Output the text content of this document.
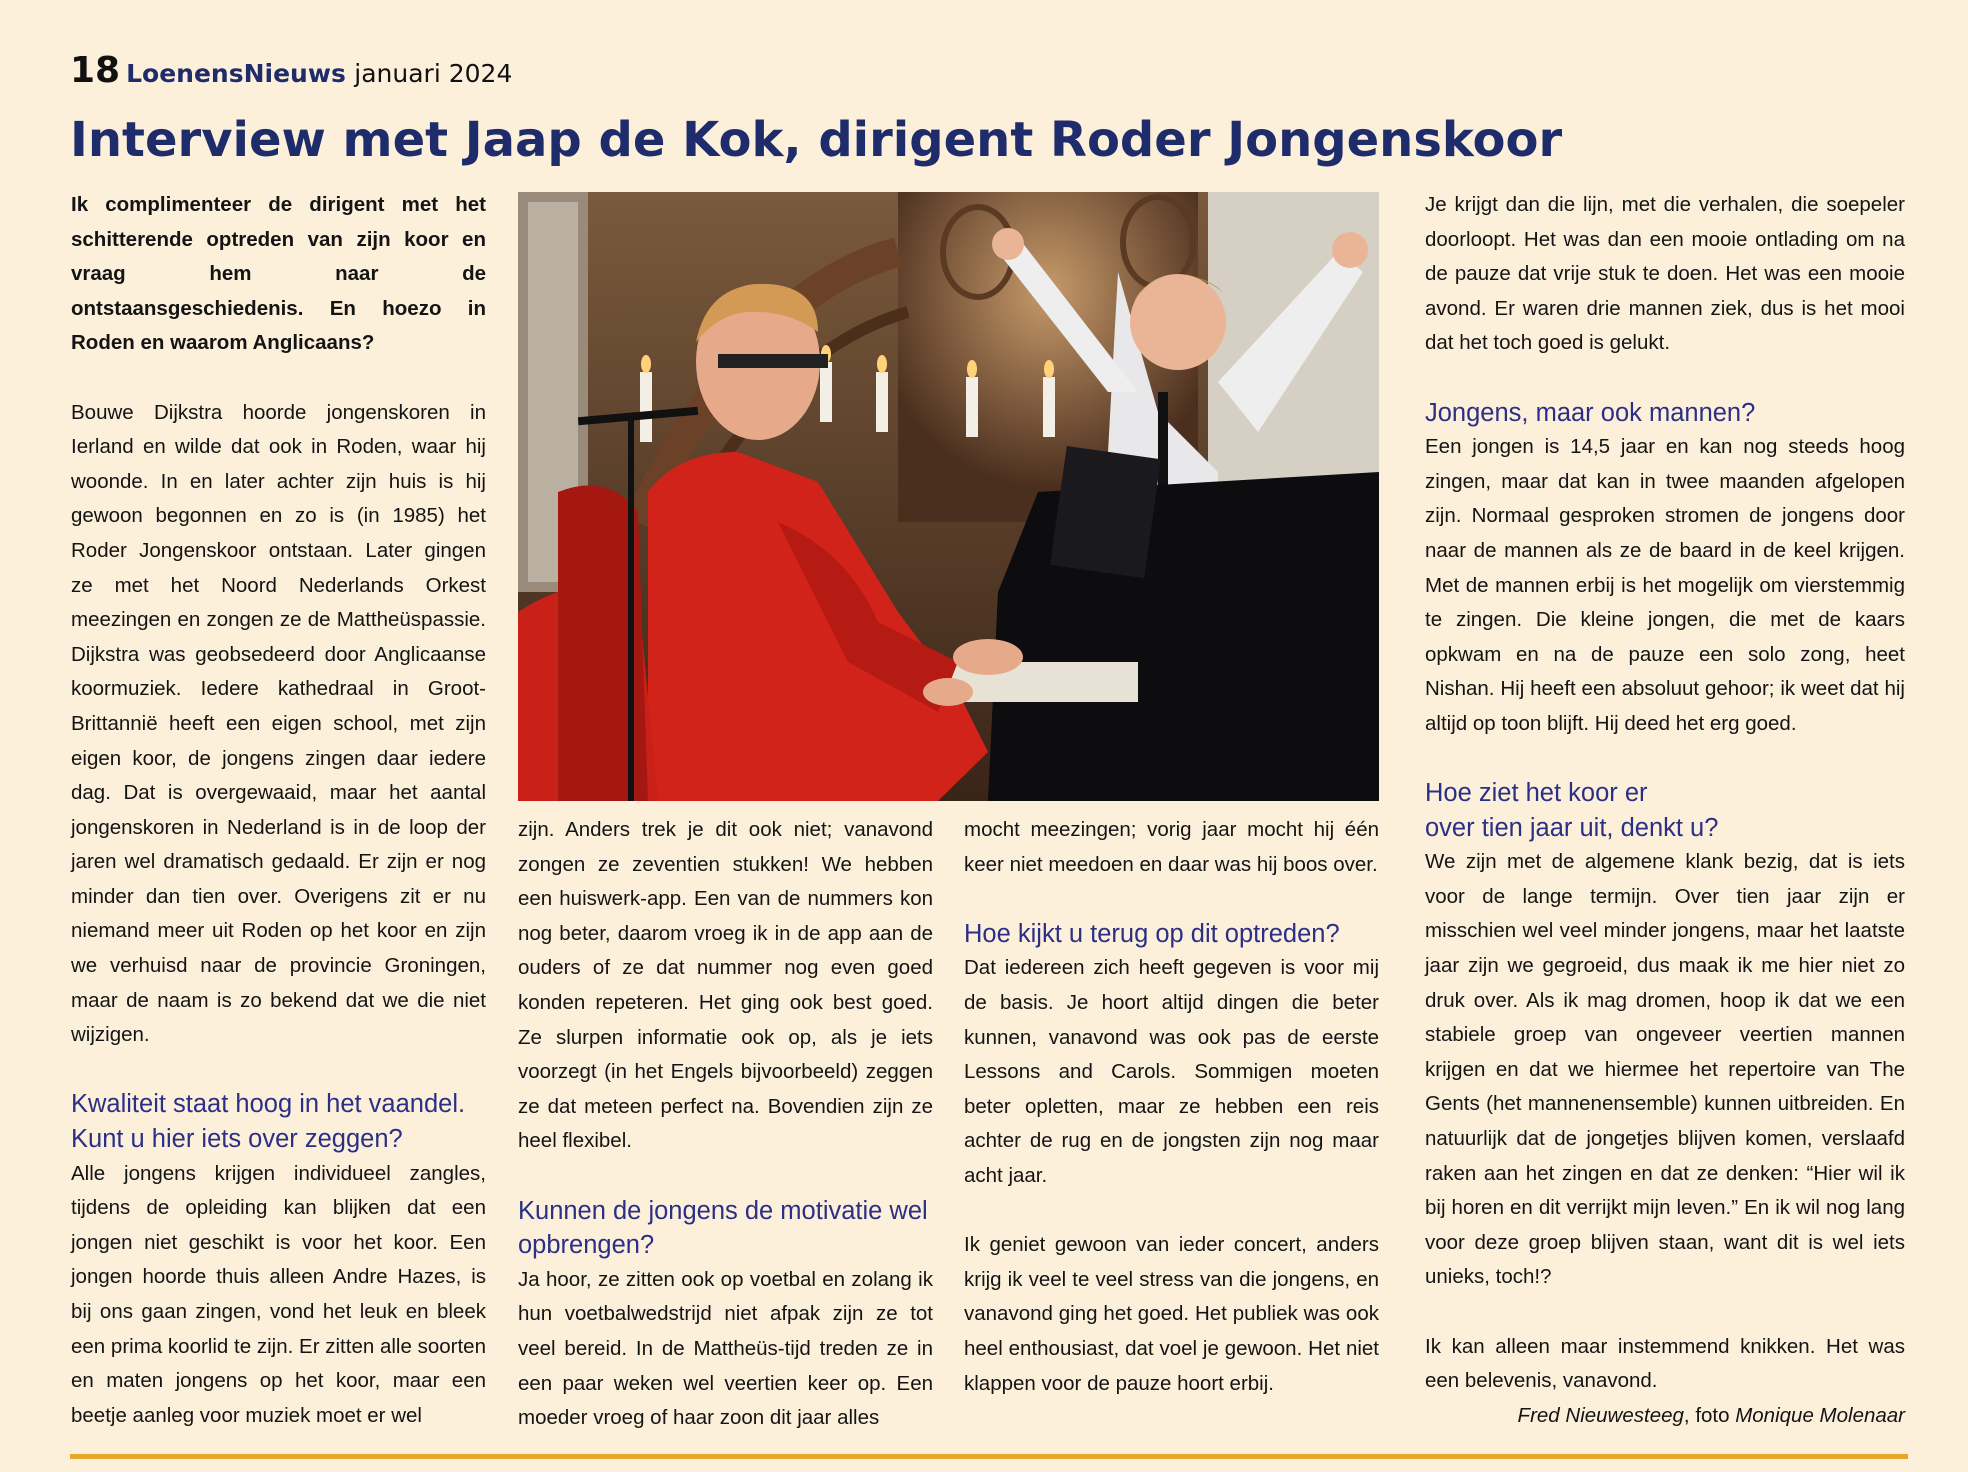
18 LoenensNieuws januari 2024
Interview met Jaap de Kok, dirigent Roder Jongenskoor

Ik complimenteer de dirigent met het schitterende optreden van zijn koor en vraag hem naar de ontstaansgeschiedenis. En hoezo in Roden en waarom Anglicaans?

Bouwe Dijkstra hoorde jongenskoren in Ierland en wilde dat ook in Roden, waar hij woonde. In en later achter zijn huis is hij gewoon begonnen en zo is (in 1985) het Roder Jongenskoor ontstaan. Later gingen ze met het Noord Nederlands Orkest meezingen en zongen ze de Mattheüspassie. Dijkstra was geobsedeerd door Anglicaanse koormuziek. Iedere kathedraal in Groot-Brittannië heeft een eigen school, met zijn eigen koor, de jongens zingen daar iedere dag. Dat is overgewaaid, maar het aantal jongenskoren in Nederland is in de loop der jaren wel dramatisch gedaald. Er zijn er nog minder dan tien over. Overigens zit er nu niemand meer uit Roden op het koor en zijn we verhuisd naar de provincie Groningen, maar de naam is zo bekend dat we die niet wijzigen.

Kwaliteit staat hoog in het vaandel. Kunt u hier iets over zeggen?

Alle jongens krijgen individueel zangles, tijdens de opleiding kan blijken dat een jongen niet geschikt is voor het koor. Een jongen hoorde thuis alleen Andre Hazes, is bij ons gaan zingen, vond het leuk en bleek een prima koorlid te zijn. Er zitten alle soorten en maten jongens op het koor, maar een beetje aanleg voor muziek moet er wel

zijn. Anders trek je dit ook niet; vanavond zongen ze zeventien stukken! We hebben een huiswerk-app. Een van de nummers kon nog beter, daarom vroeg ik in de app aan de ouders of ze dat nummer nog even goed konden repeteren. Het ging ook best goed. Ze slurpen informatie ook op, als je iets voorzegt (in het Engels bijvoorbeeld) zeggen ze dat meteen perfect na. Bovendien zijn ze heel flexibel.

Kunnen de jongens de motivatie wel opbrengen?

Ja hoor, ze zitten ook op voetbal en zolang ik hun voetbalwedstrijd niet afpak zijn ze tot veel bereid. In de Mattheüs-tijd treden ze in een paar weken wel veertien keer op. Een moeder vroeg of haar zoon dit jaar alles

mocht meezingen; vorig jaar mocht hij één keer niet meedoen en daar was hij boos over.

Hoe kijkt u terug op dit optreden?

Dat iedereen zich heeft gegeven is voor mij de basis. Je hoort altijd dingen die beter kunnen, vanavond was ook pas de eerste Lessons and Carols. Sommigen moeten beter opletten, maar ze hebben een reis achter de rug en de jongsten zijn nog maar acht jaar.

Ik geniet gewoon van ieder concert, anders krijg ik veel te veel stress van die jongens, en vanavond ging het goed. Het publiek was ook heel enthousiast, dat voel je gewoon. Het niet klappen voor de pauze hoort erbij.

Je krijgt dan die lijn, met die verhalen, die soepeler doorloopt. Het was dan een mooie ontlading om na de pauze dat vrije stuk te doen. Het was een mooie avond. Er waren drie mannen ziek, dus is het mooi dat het toch goed is gelukt.

Jongens, maar ook mannen?

Een jongen is 14,5 jaar en kan nog steeds hoog zingen, maar dat kan in twee maanden afgelopen zijn. Normaal gesproken stromen de jongens door naar de mannen als ze de baard in de keel krijgen. Met de mannen erbij is het mogelijk om vierstemmig te zingen. Die kleine jongen, die met de kaars opkwam en na de pauze een solo zong, heet Nishan. Hij heeft een absoluut gehoor; ik weet dat hij altijd op toon blijft. Hij deed het erg goed.

Hoe ziet het koor er
over tien jaar uit, denkt u?

We zijn met de algemene klank bezig, dat is iets voor de lange termijn. Over tien jaar zijn er misschien wel veel minder jongens, maar het laatste jaar zijn we gegroeid, dus maak ik me hier niet zo druk over. Als ik mag dromen, hoop ik dat we een stabiele groep van ongeveer veertien mannen krijgen en dat we hiermee het repertoire van The Gents (het mannenensemble) kunnen uitbreiden. En natuurlijk dat de jongetjes blijven komen, verslaafd raken aan het zingen en dat ze denken: “Hier wil ik bij horen en dit verrijkt mijn leven.” En ik wil nog lang voor deze groep blijven staan, want dit is wel iets unieks, toch!?

Ik kan alleen maar instemmend knikken. Het was een belevenis, vanavond.

Fred Nieuwesteeg, foto Monique Molenaar
